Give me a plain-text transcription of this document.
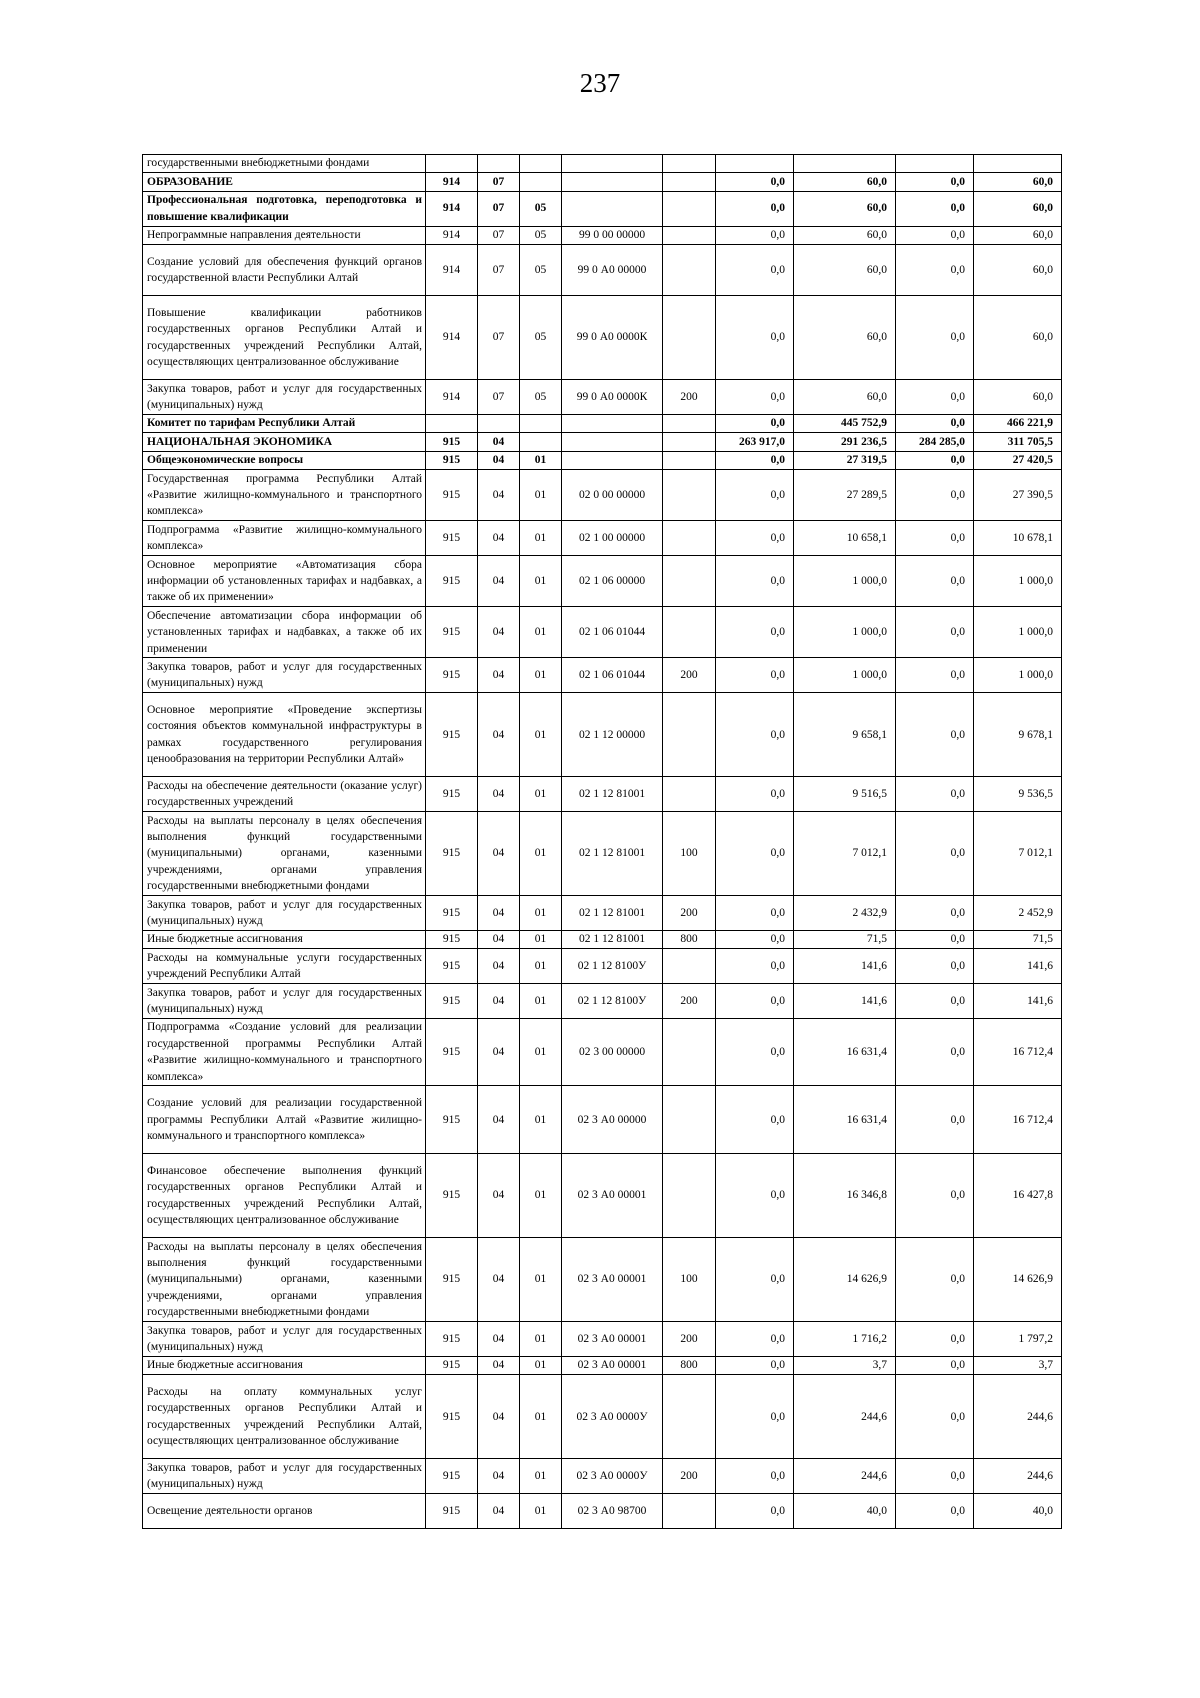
237
государственными внебюджетными фондами									
ОБРАЗОВАНИЕ	914	07				0,0	60,0	0,0	60,0
Профессиональная подготовка, переподготовка и повышение квалификации	914	07	05			0,0	60,0	0,0	60,0
Непрограммные направления деятельности	914	07	05	99 0 00 00000		0,0	60,0	0,0	60,0
Создание условий для обеспечения функций органов государственной власти Республики Алтай	914	07	05	99 0 А0 00000		0,0	60,0	0,0	60,0
Повышение квалификации работников государственных органов Республики Алтай и государственных учреждений Республики Алтай, осуществляющих централизованное обслуживание	914	07	05	99 0 А0 0000К		0,0	60,0	0,0	60,0
Закупка товаров, работ и услуг для государственных (муниципальных) нужд	914	07	05	99 0 А0 0000К	200	0,0	60,0	0,0	60,0
Комитет по тарифам Республики Алтай						0,0	445 752,9	0,0	466 221,9
НАЦИОНАЛЬНАЯ ЭКОНОМИКА	915	04				263 917,0	291 236,5	284 285,0	311 705,5
Общеэкономические вопросы	915	04	01			0,0	27 319,5	0,0	27 420,5
Государственная программа Республики Алтай «Развитие жилищно-коммунального и транспортного комплекса»	915	04	01	02 0 00 00000		0,0	27 289,5	0,0	27 390,5
Подпрограмма «Развитие жилищно-коммунального комплекса»	915	04	01	02 1 00 00000		0,0	10 658,1	0,0	10 678,1
Основное мероприятие «Автоматизация сбора информации об установленных тарифах и надбавках, а также об их применении»	915	04	01	02 1 06 00000		0,0	1 000,0	0,0	1 000,0
Обеспечение автоматизации сбора информации об установленных тарифах и надбавках, а также об их применении	915	04	01	02 1 06 01044		0,0	1 000,0	0,0	1 000,0
Закупка товаров, работ и услуг для государственных (муниципальных) нужд	915	04	01	02 1 06 01044	200	0,0	1 000,0	0,0	1 000,0
Основное мероприятие «Проведение экспертизы состояния объектов коммунальной инфраструктуры в рамках государственного регулирования ценообразования на территории Республики Алтай»	915	04	01	02 1 12 00000		0,0	9 658,1	0,0	9 678,1
Расходы на обеспечение деятельности (оказание услуг) государственных учреждений	915	04	01	02 1 12 81001		0,0	9 516,5	0,0	9 536,5
Расходы на выплаты персоналу в целях обеспечения выполнения функций государственными (муниципальными) органами, казенными учреждениями, органами управления государственными внебюджетными фондами	915	04	01	02 1 12 81001	100	0,0	7 012,1	0,0	7 012,1
Закупка товаров, работ и услуг для государственных (муниципальных) нужд	915	04	01	02 1 12 81001	200	0,0	2 432,9	0,0	2 452,9
Иные бюджетные ассигнования	915	04	01	02 1 12 81001	800	0,0	71,5	0,0	71,5
Расходы на коммунальные услуги государственных учреждений Республики Алтай	915	04	01	02 1 12 8100У		0,0	141,6	0,0	141,6
Закупка товаров, работ и услуг для государственных (муниципальных) нужд	915	04	01	02 1 12 8100У	200	0,0	141,6	0,0	141,6
Подпрограмма «Создание условий для реализации государственной программы Республики Алтай «Развитие жилищно-коммунального и транспортного комплекса»	915	04	01	02 3 00 00000		0,0	16 631,4	0,0	16 712,4
Создание условий для реализации государственной программы Республики Алтай «Развитие жилищно-коммунального и транспортного комплекса»	915	04	01	02 3 А0 00000		0,0	16 631,4	0,0	16 712,4
Финансовое обеспечение выполнения функций государственных органов Республики Алтай и государственных учреждений Республики Алтай, осуществляющих централизованное обслуживание	915	04	01	02 3 А0 00001		0,0	16 346,8	0,0	16 427,8
Расходы на выплаты персоналу в целях обеспечения выполнения функций государственными (муниципальными) органами, казенными учреждениями, органами управления государственными внебюджетными фондами	915	04	01	02 3 А0 00001	100	0,0	14 626,9	0,0	14 626,9
Закупка товаров, работ и услуг для государственных (муниципальных) нужд	915	04	01	02 3 А0 00001	200	0,0	1 716,2	0,0	1 797,2
Иные бюджетные ассигнования	915	04	01	02 3 А0 00001	800	0,0	3,7	0,0	3,7
Расходы на оплату коммунальных услуг государственных органов Республики Алтай и государственных учреждений Республики Алтай, осуществляющих централизованное обслуживание	915	04	01	02 3 А0 0000У		0,0	244,6	0,0	244,6
Закупка товаров, работ и услуг для государственных (муниципальных) нужд	915	04	01	02 3 А0 0000У	200	0,0	244,6	0,0	244,6
Освещение деятельности органов	915	04	01	02 3 А0 98700		0,0	40,0	0,0	40,0
